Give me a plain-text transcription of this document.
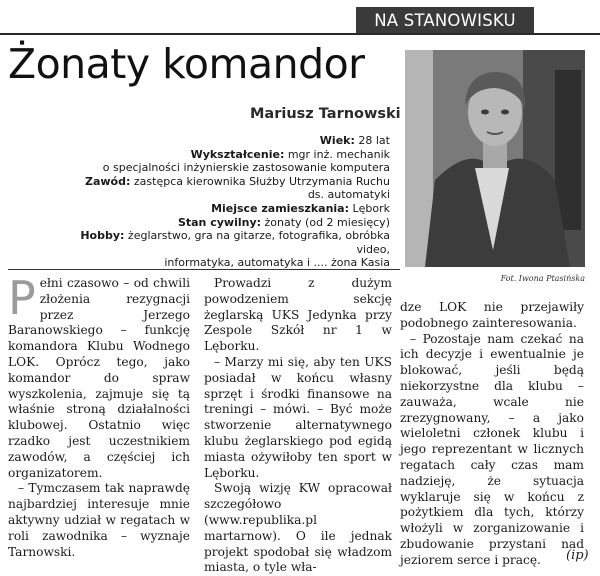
NA STANOWISKU
Żonaty komandor
Mariusz Tarnowski
Wiek: 28 lat
Wykształcenie: mgr inż. mechanik
o specjalności inżynierskie zastosowanie komputera
Zawód: zastępca kierownika Służby Utrzymania Ruchu
ds. automatyki
Miejsce zamieszkania: Lębork
Stan cywilny: żonaty (od 2 miesięcy)
Hobby: żeglarstwo, gra na gitarze, fotografika, obróbka video,
informatyka, automatyka i .... żona Kasia
Fot. Iwona Ptasińska
P ełni czasowo – od chwili złożenia rezygnacji przez Jerzego Baranowskiego – funkcję komandora Klubu Wodnego LOK. Oprócz tego, jako komandor do spraw wyszkolenia, zajmuje się tą właśnie stroną działalności klubowej. Ostatnio więc rzadko jest uczestnikiem zawodów, a częściej ich organizatorem.

– Tymczasem tak naprawdę najbardziej interesuje mnie aktywny udział w regatach w roli zawodnika – wyznaje Tarnowski.

Prowadzi z dużym powodzeniem sekcję żeglarską UKS Jedynka przy Zespole Szkół nr 1 w Lęborku.

– Marzy mi się, aby ten UKS posiadał w końcu własny sprzęt i środki finansowe na treningi – mówi. – Być może stworzenie alternatywnego klubu żeglarskiego pod egidą miasta ożywiłoby ten sport w Lęborku.

Swoją wizję KW opracował szczegółowo (www.republika.pl martarnow). O ile jednak projekt spodobał się władzom miasta, o tyle wła-

dze LOK nie przejawiły podobnego zainteresowania.

– Pozostaje nam czekać na ich decyzje i ewentualnie je blokować, jeśli będą niekorzystne dla klubu – zauważa, wcale nie zrezygnowany, – a jako wieloletni członek klubu i jego reprezentant w licznych regatach cały czas mam nadzieję, że sytuacja wyklaruje się w końcu z pożytkiem dla tych, którzy włożyli w zorganizowanie i zbudowanie przystani nad jeziorem serce i pracę.	(ip)
